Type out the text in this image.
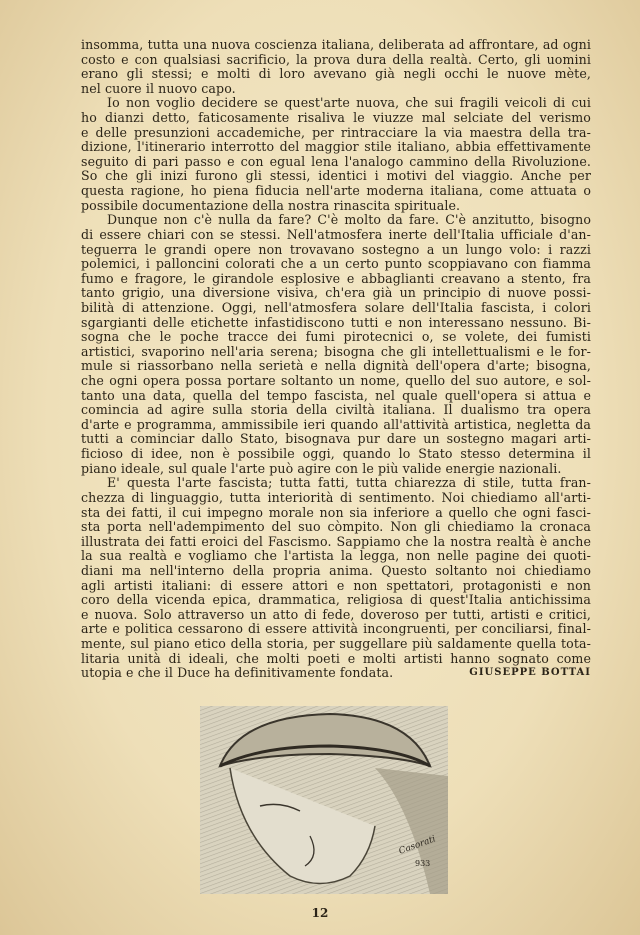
insomma, tutta una nuova coscienza italiana, deliberata ad affrontare, ad ogni
costo e con qualsiasi sacrificio, la prova dura della realtà. Certo, gli uomini
erano gli stessi; e molti di loro avevano già negli occhi le nuove mète,
nel cuore il nuovo capo.
Io non voglio decidere se quest'arte nuova, che sui fragili veicoli di cui
ho dianzi detto, faticosamente risaliva le viuzze mal selciate del verismo
e delle presunzioni accademiche, per rintracciare la via maestra della tra-
dizione, l'itinerario interrotto del maggior stile italiano, abbia effettivamente
seguito di pari passo e con egual lena l'analogo cammino della Rivoluzione.
So che gli inizi furono gli stessi, identici i motivi del viaggio. Anche per
questa ragione, ho piena fiducia nell'arte moderna italiana, come attuata o
possibile documentazione della nostra rinascita spirituale.
Dunque non c'è nulla da fare? C'è molto da fare. C'è anzitutto, bisogno
di essere chiari con se stessi. Nell'atmosfera inerte dell'Italia ufficiale d'an-
teguerra le grandi opere non trovavano sostegno a un lungo volo: i razzi
polemici, i palloncini colorati che a un certo punto scoppiavano con fiamma
fumo e fragore, le girandole esplosive e abbaglianti creavano a stento, fra
tanto grigio, una diversione visiva, ch'era già un principio di nuove possi-
bilità di attenzione. Oggi, nell'atmosfera solare dell'Italia fascista, i colori
sgargianti delle etichette infastidiscono tutti e non interessano nessuno. Bi-
sogna che le poche tracce dei fumi pirotecnici o, se volete, dei fumisti
artistici, svaporino nell'aria serena; bisogna che gli intellettualismi e le for-
mule si riassorbano nella serietà e nella dignità dell'opera d'arte; bisogna,
che ogni opera possa portare soltanto un nome, quello del suo autore, e sol-
tanto una data, quella del tempo fascista, nel quale quell'opera si attua e
comincia ad agire sulla storia della civiltà italiana. Il dualismo tra opera
d'arte e programma, ammissibile ieri quando all'attività artistica, negletta da
tutti a cominciar dallo Stato, bisognava pur dare un sostegno magari arti-
ficioso di idee, non è possibile oggi, quando lo Stato stesso determina il
piano ideale, sul quale l'arte può agire con le più valide energie nazionali.
E' questa l'arte fascista; tutta fatti, tutta chiarezza di stile, tutta fran-
chezza di linguaggio, tutta interiorità di sentimento. Noi chiediamo all'arti-
sta dei fatti, il cui impegno morale non sia inferiore a quello che ogni fasci-
sta porta nell'adempimento del suo còmpito. Non gli chiediamo la cronaca
illustrata dei fatti eroici del Fascismo. Sappiamo che la nostra realtà è anche
la sua realtà e vogliamo che l'artista la legga, non nelle pagine dei quoti-
diani ma nell'interno della propria anima. Questo soltanto noi chiediamo
agli artisti italiani: di essere attori e non spettatori, protagonisti e non
coro della vicenda epica, drammatica, religiosa di quest'Italia antichissima
e nuova. Solo attraverso un atto di fede, doveroso per tutti, artisti e critici,
arte e politica cessarono di essere attività incongruenti, per conciliarsi, final-
mente, sul piano etico della storia, per suggellare più saldamente quella tota-
litaria unità di ideali, che molti poeti e molti artisti hanno sognato come
utopia e che il Duce ha definitivamente fondata.	GIUSEPPE BOTTAI
Casorati
933
12
